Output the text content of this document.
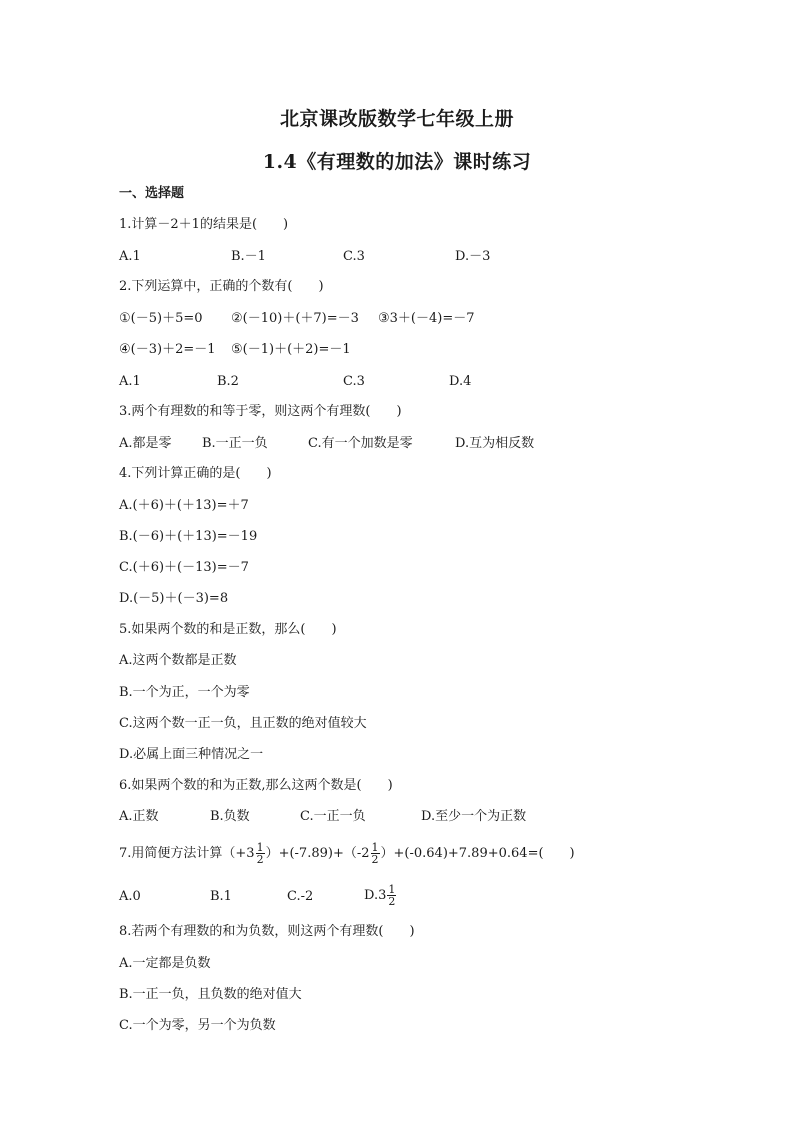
北京课改版数学七年级上册
1.4《有理数的加法》课时练习
一、选择题
1.计算－2＋1的结果是(　　)
A.1	B.－1	C.3	D.－3
2.下列运算中，正确的个数有(　　)
①(－5)＋5=0 ②(－10)＋(＋7)=－3 ③3＋(－4)=－7
④(－3)＋2=－1 ⑤(－1)＋(＋2)=－1
A.1	B.2	C.3	D.4
3.两个有理数的和等于零，则这两个有理数(　　)
A.都是零 B.一正一负	C.有一个加数是零	D.互为相反数
4.下列计算正确的是(　　)
A.(＋6)＋(＋13)=＋7
B.(－6)＋(＋13)=－19
C.(＋6)＋(－13)=－7
D.(－5)＋(－3)=8
5.如果两个数的和是正数，那么(　　)
A.这两个数都是正数
B.一个为正，一个为零
C.这两个数一正一负，且正数的绝对值较大
D.必属上面三种情况之一
6.如果两个数的和为正数,那么这两个数是(　　)
A.正数	B.负数	C.一正一负	D.至少一个为正数
7.用简便方法计算$(+3 \frac{1}{2} )+(-7.89)+(-2 \frac{1}{2} )+(-0.64)+7.89+0.64=$(　　)
A.0	B.1	C.-2	$D.3 \frac{1}{2}$
8.若两个有理数的和为负数，则这两个有理数(　　)
A.一定都是负数
B.一正一负，且负数的绝对值大
C.一个为零，另一个为负数
